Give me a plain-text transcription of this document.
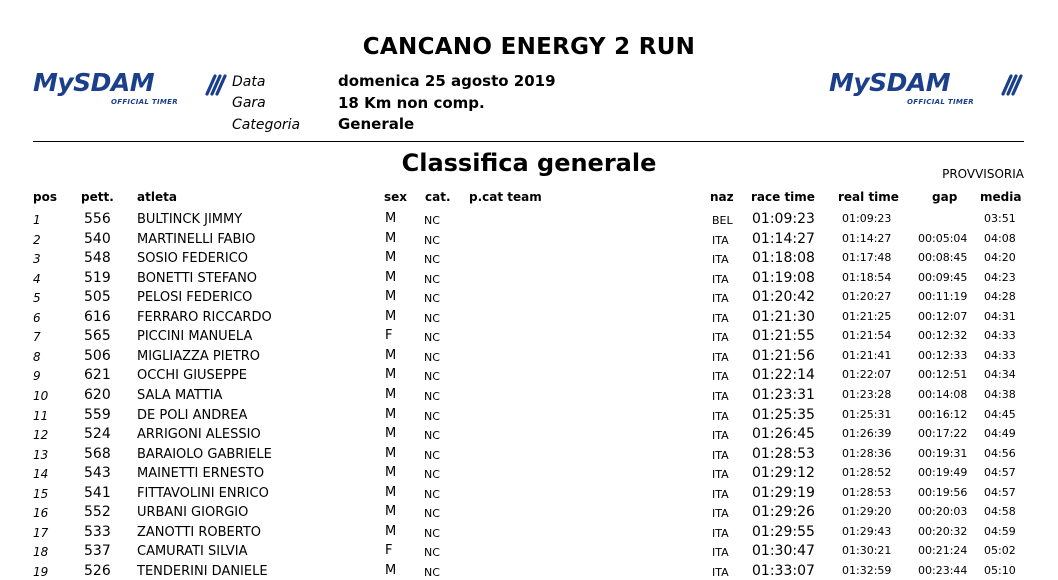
CANCANO ENERGY 2 RUN
MySDAM
OFFICIAL TIMER
MySDAM
OFFICIAL TIMER
Data	domenica 25 agosto 2019
Gara	18 Km non comp.
Categoria	Generale
Classifica generale	PROVVISORIA
pos pett. atleta	sex cat. p.cat team	naz race time real time	gap media
1	556 BULTINCK JIMMY	M	NC	BEL 01:09:23 01:09:23	03:51
2	540 MARTINELLI FABIO	M	NC	ITA 01:14:27 01:14:27 00:05:04 04:08
3	548 SOSIO FEDERICO	M	NC	ITA 01:18:08 01:17:48 00:08:45 04:20
4	519 BONETTI STEFANO	M	NC	ITA 01:19:08 01:18:54 00:09:45 04:23
5	505 PELOSI FEDERICO	M	NC	ITA 01:20:42 01:20:27 00:11:19 04:28
6	616 FERRARO RICCARDO	M	NC	ITA 01:21:30 01:21:25 00:12:07 04:31
7	565 PICCINI MANUELA	F	NC	ITA 01:21:55 01:21:54 00:12:32 04:33
8	506 MIGLIAZZA PIETRO	M	NC	ITA 01:21:56 01:21:41 00:12:33 04:33
9	621 OCCHI GIUSEPPE	M	NC	ITA 01:22:14 01:22:07 00:12:51 04:34
10	620 SALA MATTIA	M	NC	ITA 01:23:31 01:23:28 00:14:08 04:38
11	559 DE POLI ANDREA	M	NC	ITA 01:25:35 01:25:31 00:16:12 04:45
12	524 ARRIGONI ALESSIO	M	NC	ITA 01:26:45 01:26:39 00:17:22 04:49
13	568 BARAIOLO GABRIELE	M	NC	ITA 01:28:53 01:28:36 00:19:31 04:56
14	543 MAINETTI ERNESTO	M	NC	ITA 01:29:12 01:28:52 00:19:49 04:57
15	541 FITTAVOLINI ENRICO	M	NC	ITA 01:29:19 01:28:53 00:19:56 04:57
16	552 URBANI GIORGIO	M	NC	ITA 01:29:26 01:29:20 00:20:03 04:58
17	533 ZANOTTI ROBERTO	M	NC	ITA 01:29:55 01:29:43 00:20:32 04:59
18	537 CAMURATI SILVIA	F	NC	ITA 01:30:47 01:30:21 00:21:24 05:02
19	526 TENDERINI DANIELE	M	NC	ITA 01:33:07 01:32:59 00:23:44 05:10
